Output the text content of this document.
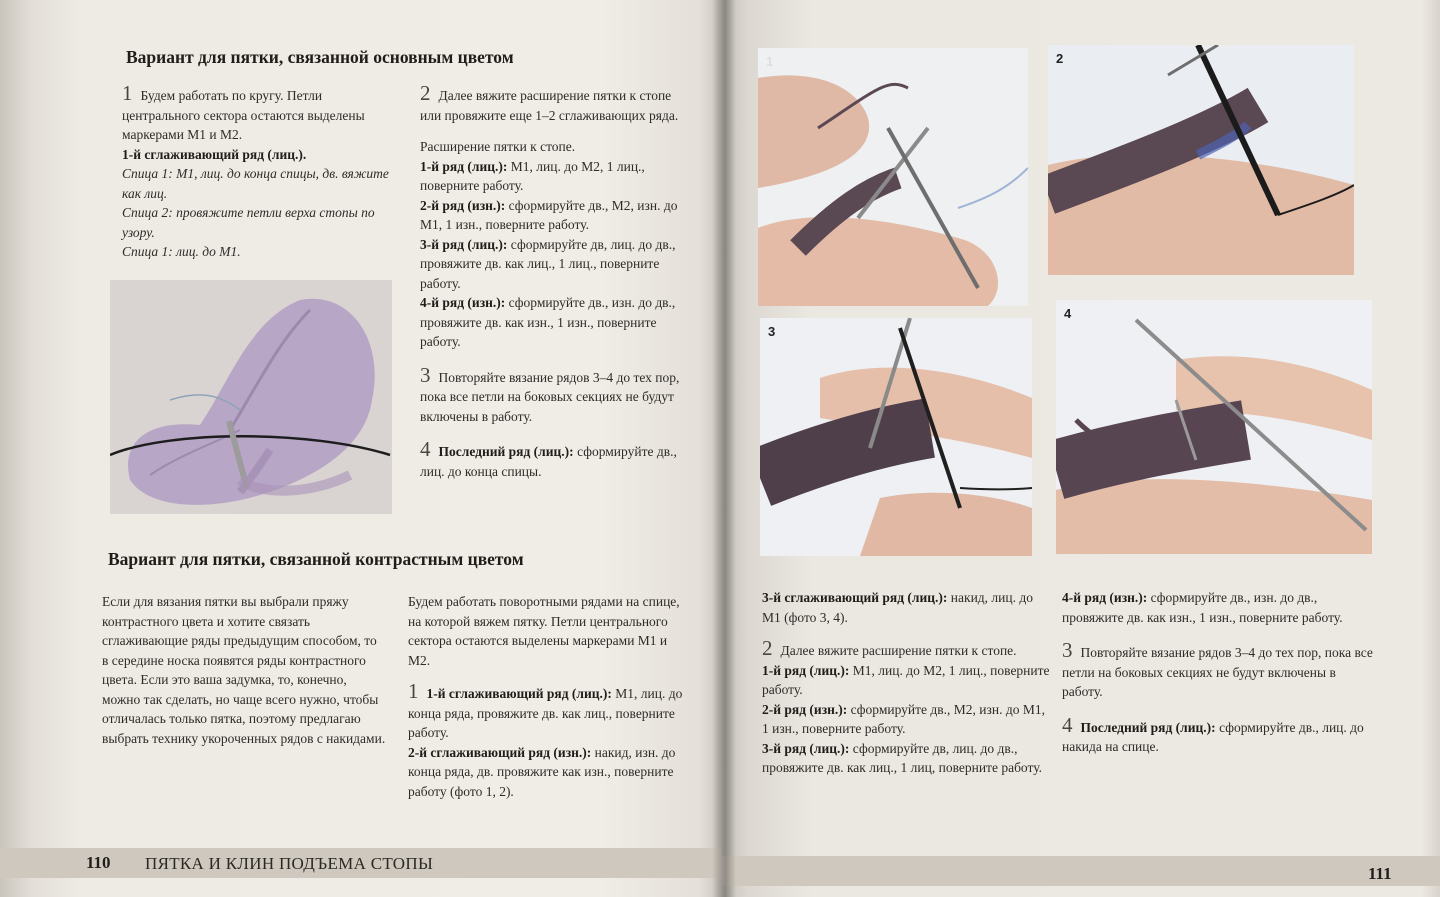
Вариант для пятки, связанной основным цветом
1 Будем работать по кругу. Петли центрального сектора остаются выделены маркерами М1 и М2.
1-й сглаживающий ряд (лиц.).
Спица 1: М1, лиц. до конца спицы, дв. вяжите как лиц.
Спица 2: провяжите петли верха стопы по узору.
Спица 1: лиц. до М1.
2 Далее вяжите расширение пятки к стопе или провяжите еще 1–2 сглаживающих ряда.
Расширение пятки к стопе.
1-й ряд (лиц.): М1, лиц. до М2, 1 лиц., поверните работу.
2-й ряд (изн.): сформируйте дв., М2, изн. до М1, 1 изн., поверните работу.
3-й ряд (лиц.): сформируйте дв, лиц. до дв., провяжите дв. как лиц., 1 лиц., поверните работу.
4-й ряд (изн.): сформируйте дв., изн. до дв., провяжите дв. как изн., 1 изн., поверните работу.
3 Повторяйте вязание рядов 3–4 до тех пор, пока все петли на боковых секциях не будут включены в работу.
4 Последний ряд (лиц.): сформируйте дв., лиц. до конца спицы.
Вариант для пятки, связанной контрастным цветом
Если для вязания пятки вы выбрали пряжу контрастного цвета и хотите связать сглаживающие ряды предыдущим способом, то в середине носка появятся ряды контрастного цвета. Если это ваша задумка, то, конечно, можно так сделать, но чаще всего нужно, чтобы отличалась только пятка, поэтому предлагаю выбрать технику укороченных рядов с накидами.
Будем работать поворотными рядами на спице, на которой вяжем пятку. Петли центрального сектора остаются выделены маркерами М1 и М2.
1 1-й сглаживающий ряд (лиц.): М1, лиц. до конца ряда, провяжите дв. как лиц., поверните работу.
2-й сглаживающий ряд (изн.): накид, изн. до конца ряда, дв. провяжите как изн., поверните работу (фото 1, 2).
110 ПЯТКА И КЛИН ПОДЪЕМА СТОПЫ
1	2
3
4
3-й сглаживающий ряд (лиц.): накид, лиц. до М1 (фото 3, 4).
2 Далее вяжите расширение пятки к стопе.
1-й ряд (лиц.): М1, лиц. до М2, 1 лиц., поверните работу.
2-й ряд (изн.): сформируйте дв., М2, изн. до М1, 1 изн., поверните работу.
3-й ряд (лиц.): сформируйте дв, лиц. до дв., провяжите дв. как лиц., 1 лиц, поверните работу.
4-й ряд (изн.): сформируйте дв., изн. до дв., провяжите дв. как изн., 1 изн., поверните работу.
3 Повторяйте вязание рядов 3–4 до тех пор, пока все петли на боковых секциях не будут включены в работу.
4 Последний ряд (лиц.): сформируйте дв., лиц. до накида на спице.
111
